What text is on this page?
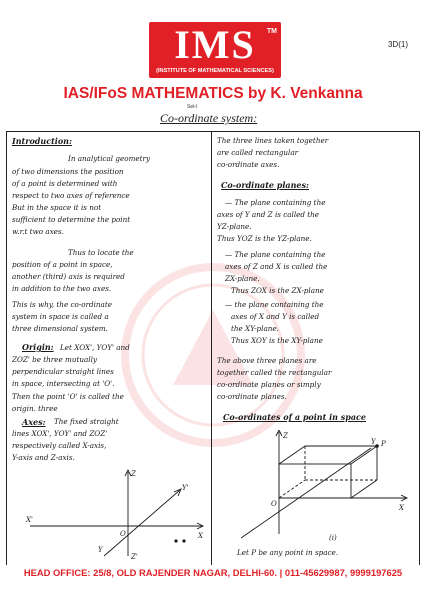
IMS	TM
(INSTITUTE OF MATHEMATICAL SCIENCES)
3D(1)
IAS/IFoS MATHEMATICS by K. Venkanna
Set-I
Co-ordinate system:
Introduction:
In analytical geometry
of two dimensions the position
of a point is determined with
respect to two axes of reference
But in the space it is not
sufficient to determine the point
w.r.t two axes.
Thus to locate the
position of a point in space,
another (third) axis is required
in addition to the two axes.
This is why, the co-ordinate
system in space is called a
three dimensional system.
Origin: Let XOX', YOY' and
ZOZ' be three mutually
perpendicular straight lines
in space, intersecting at 'O'.
Then the point 'O' is called the
origin. three
Axes: The fixed straight
lines XOX', YOY' and ZOZ'
respectively called X-axis,
Y-axis and Z-axis.
Z
Y'
X'
X
Y
Z'
O
The three lines taken together
are called rectangular
co-ordinate axes.
Co-ordinate planes:
— The plane containing the
axes of Y and Z is called the
YZ-plane.
Thus YOZ is the YZ-plane.
— The plane containing the
axes of Z and X is called the
ZX-plane.
Thus ZOX is the ZX-plane
— the plane containing the
axes of X and Y is called
the XY-plane.
Thus XOY is the XY-plane
The above three planes are
together called the rectangular
co-ordinate planes or simply
co-ordinate planes.
Co-ordinates of a point in space
Z
Y
X
O
P
(i)
Let P be any point in space.
HEAD OFFICE: 25/8, OLD RAJENDER NAGAR, DELHI-60. | 011-45629987, 9999197625
